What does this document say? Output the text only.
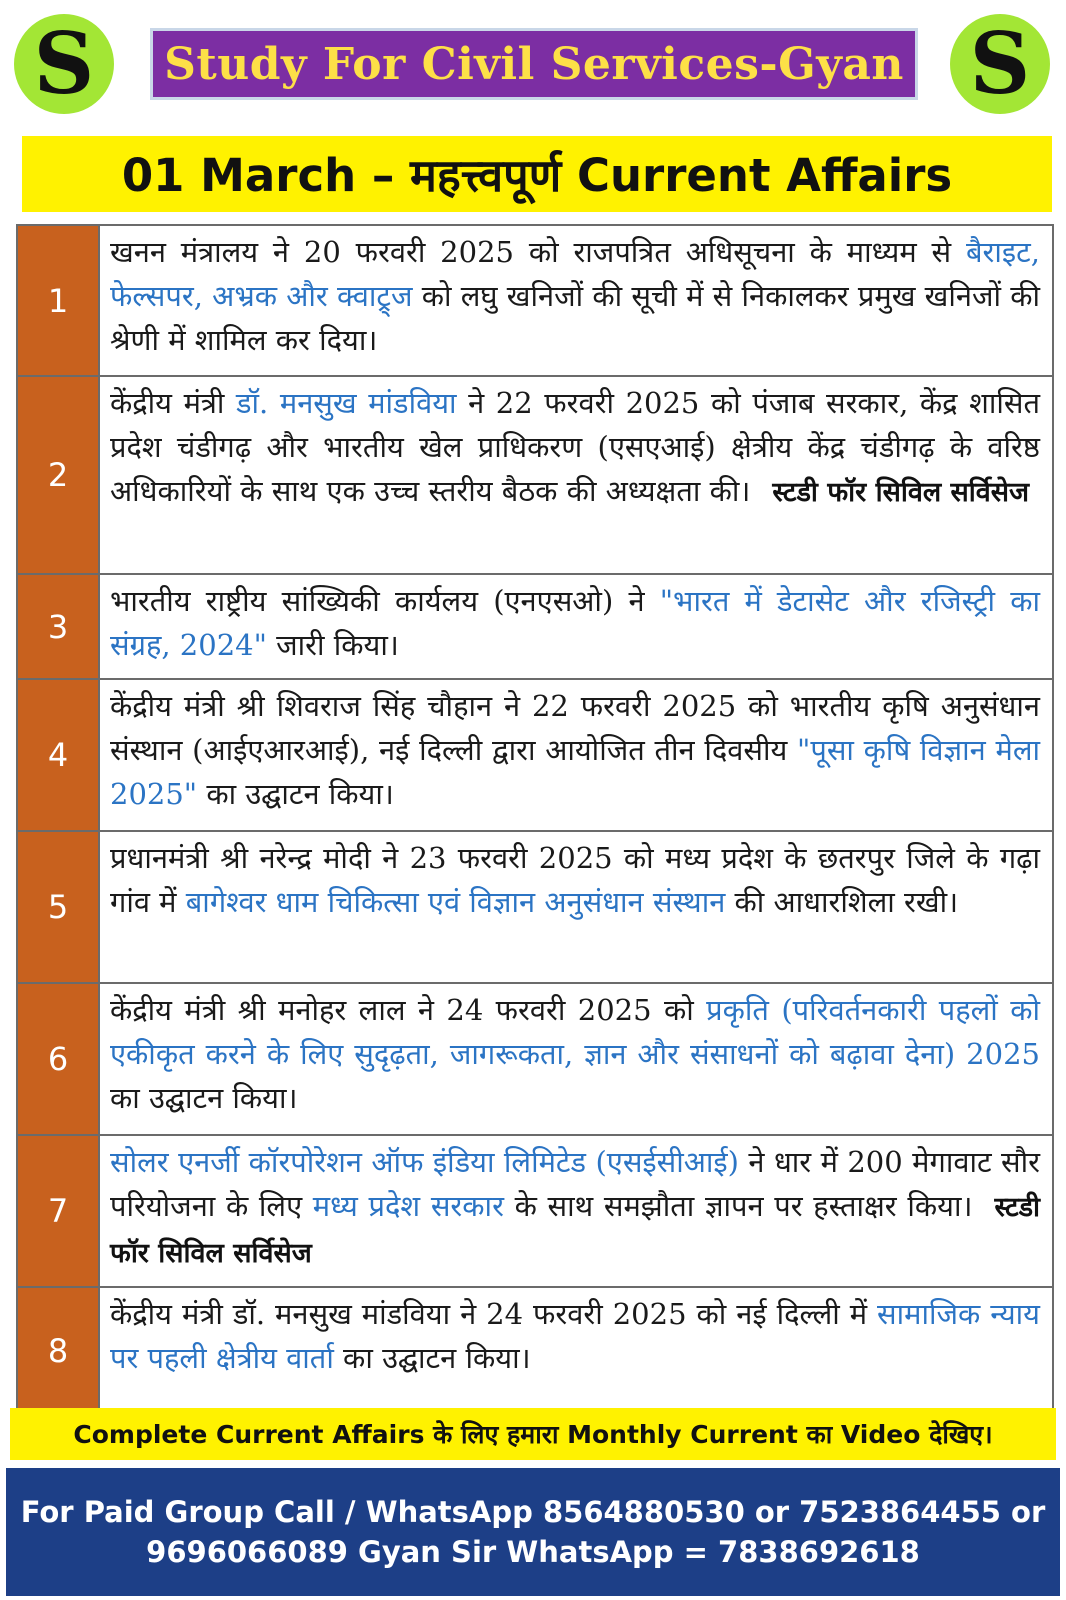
S	Study For Civil Services-Gyan S
01 March – महत्त्वपूर्ण Current Affairs
1
खनन मंत्रालय ने 20 फरवरी 2025 को राजपत्रित अधिसूचना के माध्यम से बैराइट, फेल्सपर, अभ्रक और क्वाट्र्ज को लघु खनिजों की सूची में से निकालकर प्रमुख खनिजों की श्रेणी में शामिल कर दिया।
2
केंद्रीय मंत्री डॉ. मनसुख मांडविया ने 22 फरवरी 2025 को पंजाब सरकार, केंद्र शासित प्रदेश चंडीगढ़ और भारतीय खेल प्राधिकरण (एसएआई) क्षेत्रीय केंद्र चंडीगढ़ के वरिष्ठ अधिकारियों के साथ एक उच्च स्तरीय बैठक की अध्यक्षता की। स्टडी फॉर सिविल सर्विसेज
3
भारतीय राष्ट्रीय सांख्यिकी कार्यलय (एनएसओ) ने "भारत में डेटासेट और रजिस्ट्री का संग्रह, 2024" जारी किया।
4
केंद्रीय मंत्री श्री शिवराज सिंह चौहान ने 22 फरवरी 2025 को भारतीय कृषि अनुसंधान संस्थान (आईएआरआई), नई दिल्ली द्वारा आयोजित तीन दिवसीय "पूसा कृषि विज्ञान मेला 2025" का उद्घाटन किया।
5
प्रधानमंत्री श्री नरेन्द्र मोदी ने 23 फरवरी 2025 को मध्य प्रदेश के छतरपुर जिले के गढ़ा गांव में बागेश्वर धाम चिकित्सा एवं विज्ञान अनुसंधान संस्थान की आधारशिला रखी।
6
केंद्रीय मंत्री श्री मनोहर लाल ने 24 फरवरी 2025 को प्रकृति (परिवर्तनकारी पहलों को एकीकृत करने के लिए सुदृढ़ता, जागरूकता, ज्ञान और संसाधनों को बढ़ावा देना) 2025 का उद्घाटन किया।
7
सोलर एनर्जी कॉरपोरेशन ऑफ इंडिया लिमिटेड (एसईसीआई) ने धार में 200 मेगावाट सौर परियोजना के लिए मध्य प्रदेश सरकार के साथ समझौता ज्ञापन पर हस्ताक्षर किया। स्टडी फॉर सिविल सर्विसेज
8
केंद्रीय मंत्री डॉ. मनसुख मांडविया ने 24 फरवरी 2025 को नई दिल्ली में सामाजिक न्याय पर पहली क्षेत्रीय वार्ता का उद्घाटन किया।
Complete Current Affairs के लिए हमारा Monthly Current का Video देखिए।
For Paid Group Call / WhatsApp 8564880530 or 7523864455 or
9696066089 Gyan Sir WhatsApp = 7838692618
